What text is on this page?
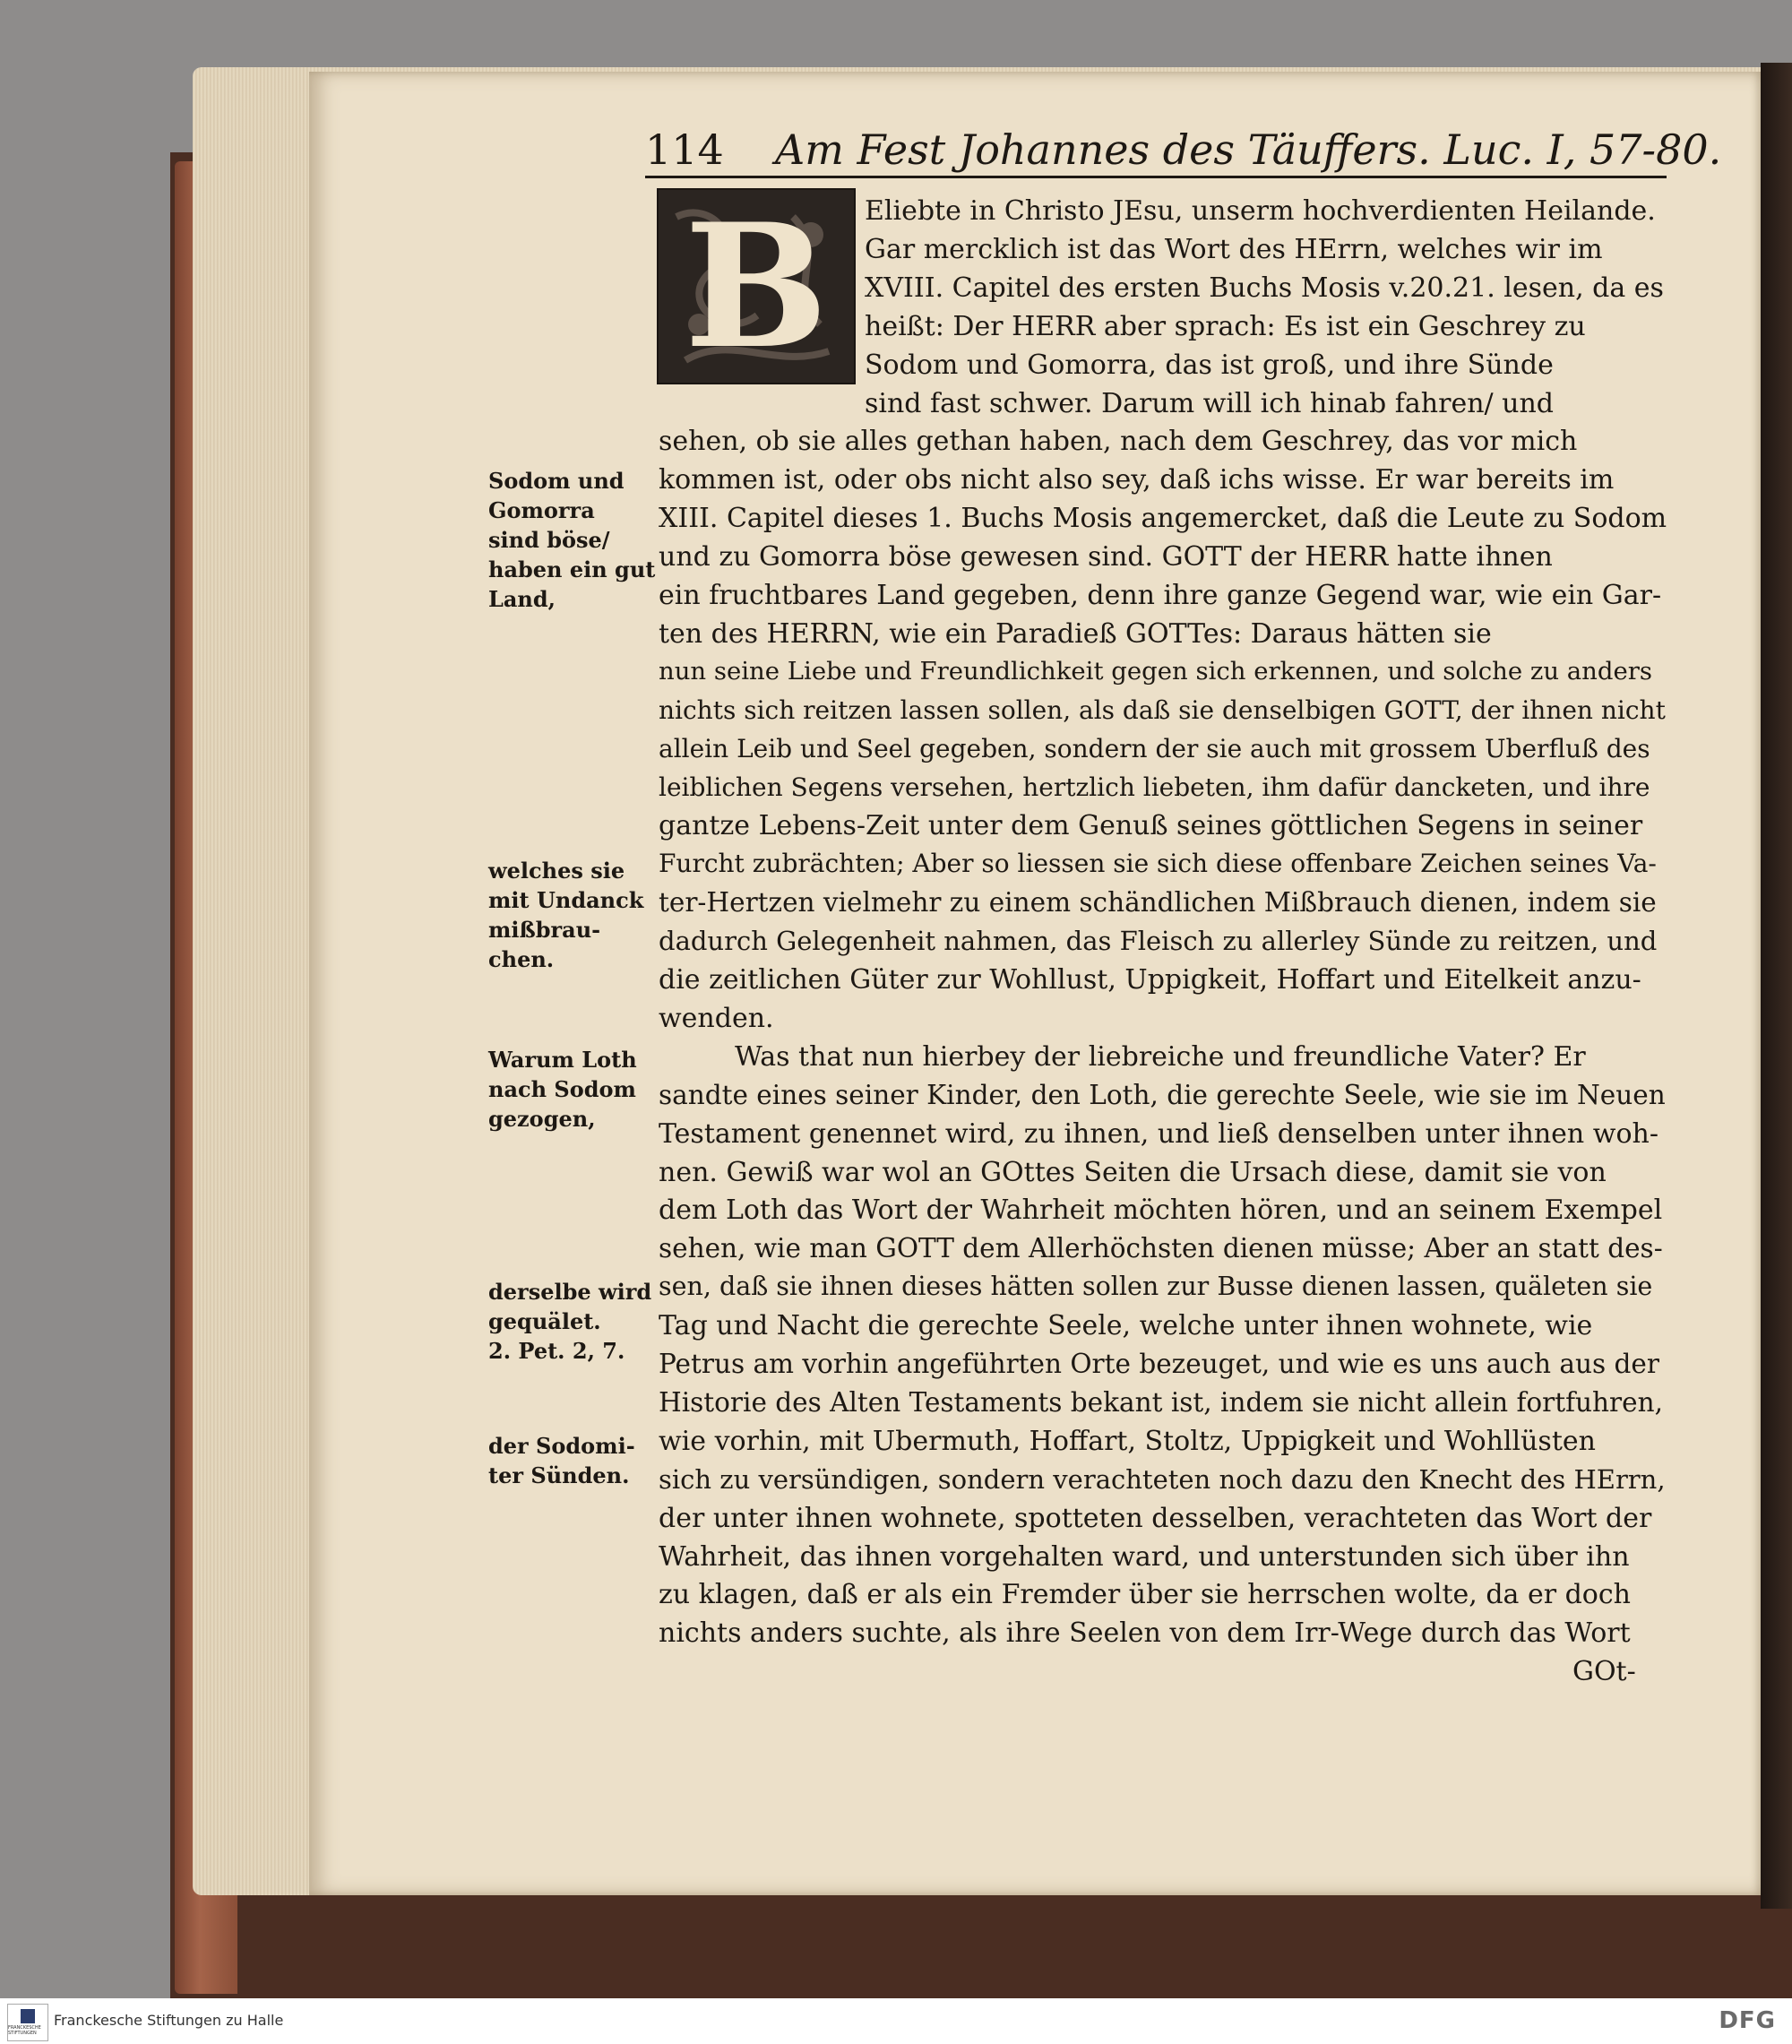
114 Am Fest Johannes des Täuffers. Luc. I, 57-80.
B	Eliebte in Christo JEsu, unserm hochverdienten Heilande.
Gar mercklich ist das Wort des HErrn, welches wir im
XVIII. Capitel des ersten Buchs Mosis v.20.21. lesen, da es
heißt: Der HERR aber sprach: Es ist ein Geschrey zu
Sodom und Gomorra, das ist groß, und ihre Sünde
sind fast schwer. Darum will ich hinab fahren/ und
sehen, ob sie alles gethan haben, nach dem Geschrey, das vor mich
kommen ist, oder obs nicht also sey, daß ichs wisse. Er war bereits im
XIII. Capitel dieses 1. Buchs Mosis angemercket, daß die Leute zu Sodom
und zu Gomorra böse gewesen sind. GOTT der HERR hatte ihnen
ein fruchtbares Land gegeben, denn ihre ganze Gegend war, wie ein Gar-
ten des HERRN, wie ein Paradieß GOTTes: Daraus hätten sie
nun seine Liebe und Freundlichkeit gegen sich erkennen, und solche zu anders
nichts sich reitzen lassen sollen, als daß sie denselbigen GOTT, der ihnen nicht
allein Leib und Seel gegeben, sondern der sie auch mit grossem Uberfluß des
leiblichen Segens versehen, hertzlich liebeten, ihm dafür dancketen, und ihre
gantze Lebens-Zeit unter dem Genuß seines göttlichen Segens in seiner
Furcht zubrächten; Aber so liessen sie sich diese offenbare Zeichen seines Va-
ter-Hertzen vielmehr zu einem schändlichen Mißbrauch dienen, indem sie
dadurch Gelegenheit nahmen, das Fleisch zu allerley Sünde zu reitzen, und
die zeitlichen Güter zur Wohllust, Uppigkeit, Hoffart und Eitelkeit anzu-
wenden.
Was that nun hierbey der liebreiche und freundliche Vater? Er
sandte eines seiner Kinder, den Loth, die gerechte Seele, wie sie im Neuen
Testament genennet wird, zu ihnen, und ließ denselben unter ihnen woh-
nen. Gewiß war wol an GOttes Seiten die Ursach diese, damit sie von
dem Loth das Wort der Wahrheit möchten hören, und an seinem Exempel
sehen, wie man GOTT dem Allerhöchsten dienen müsse; Aber an statt des-
sen, daß sie ihnen dieses hätten sollen zur Busse dienen lassen, quäleten sie
Tag und Nacht die gerechte Seele, welche unter ihnen wohnete, wie
Petrus am vorhin angeführten Orte bezeuget, und wie es uns auch aus der
Historie des Alten Testaments bekant ist, indem sie nicht allein fortfuhren,
wie vorhin, mit Ubermuth, Hoffart, Stoltz, Uppigkeit und Wohllüsten
sich zu versündigen, sondern verachteten noch dazu den Knecht des HErrn,
der unter ihnen wohnete, spotteten desselben, verachteten das Wort der
Wahrheit, das ihnen vorgehalten ward, und unterstunden sich über ihn
zu klagen, daß er als ein Fremder über sie herrschen wolte, da er doch
nichts anders suchte, als ihre Seelen von dem Irr-Wege durch das Wort
Sodom und
Gomorra
sind böse/
haben ein gut
Land,
welches sie
mit Undanck
mißbrau-
chen.
Warum Loth
nach Sodom
gezogen,
derselbe wird
gequälet.
2. Pet. 2, 7.
der Sodomi-
ter Sünden.
GOt-
FRANCKESCHE STIFTUNGEN
Franckesche Stiftungen zu Halle	DFG
